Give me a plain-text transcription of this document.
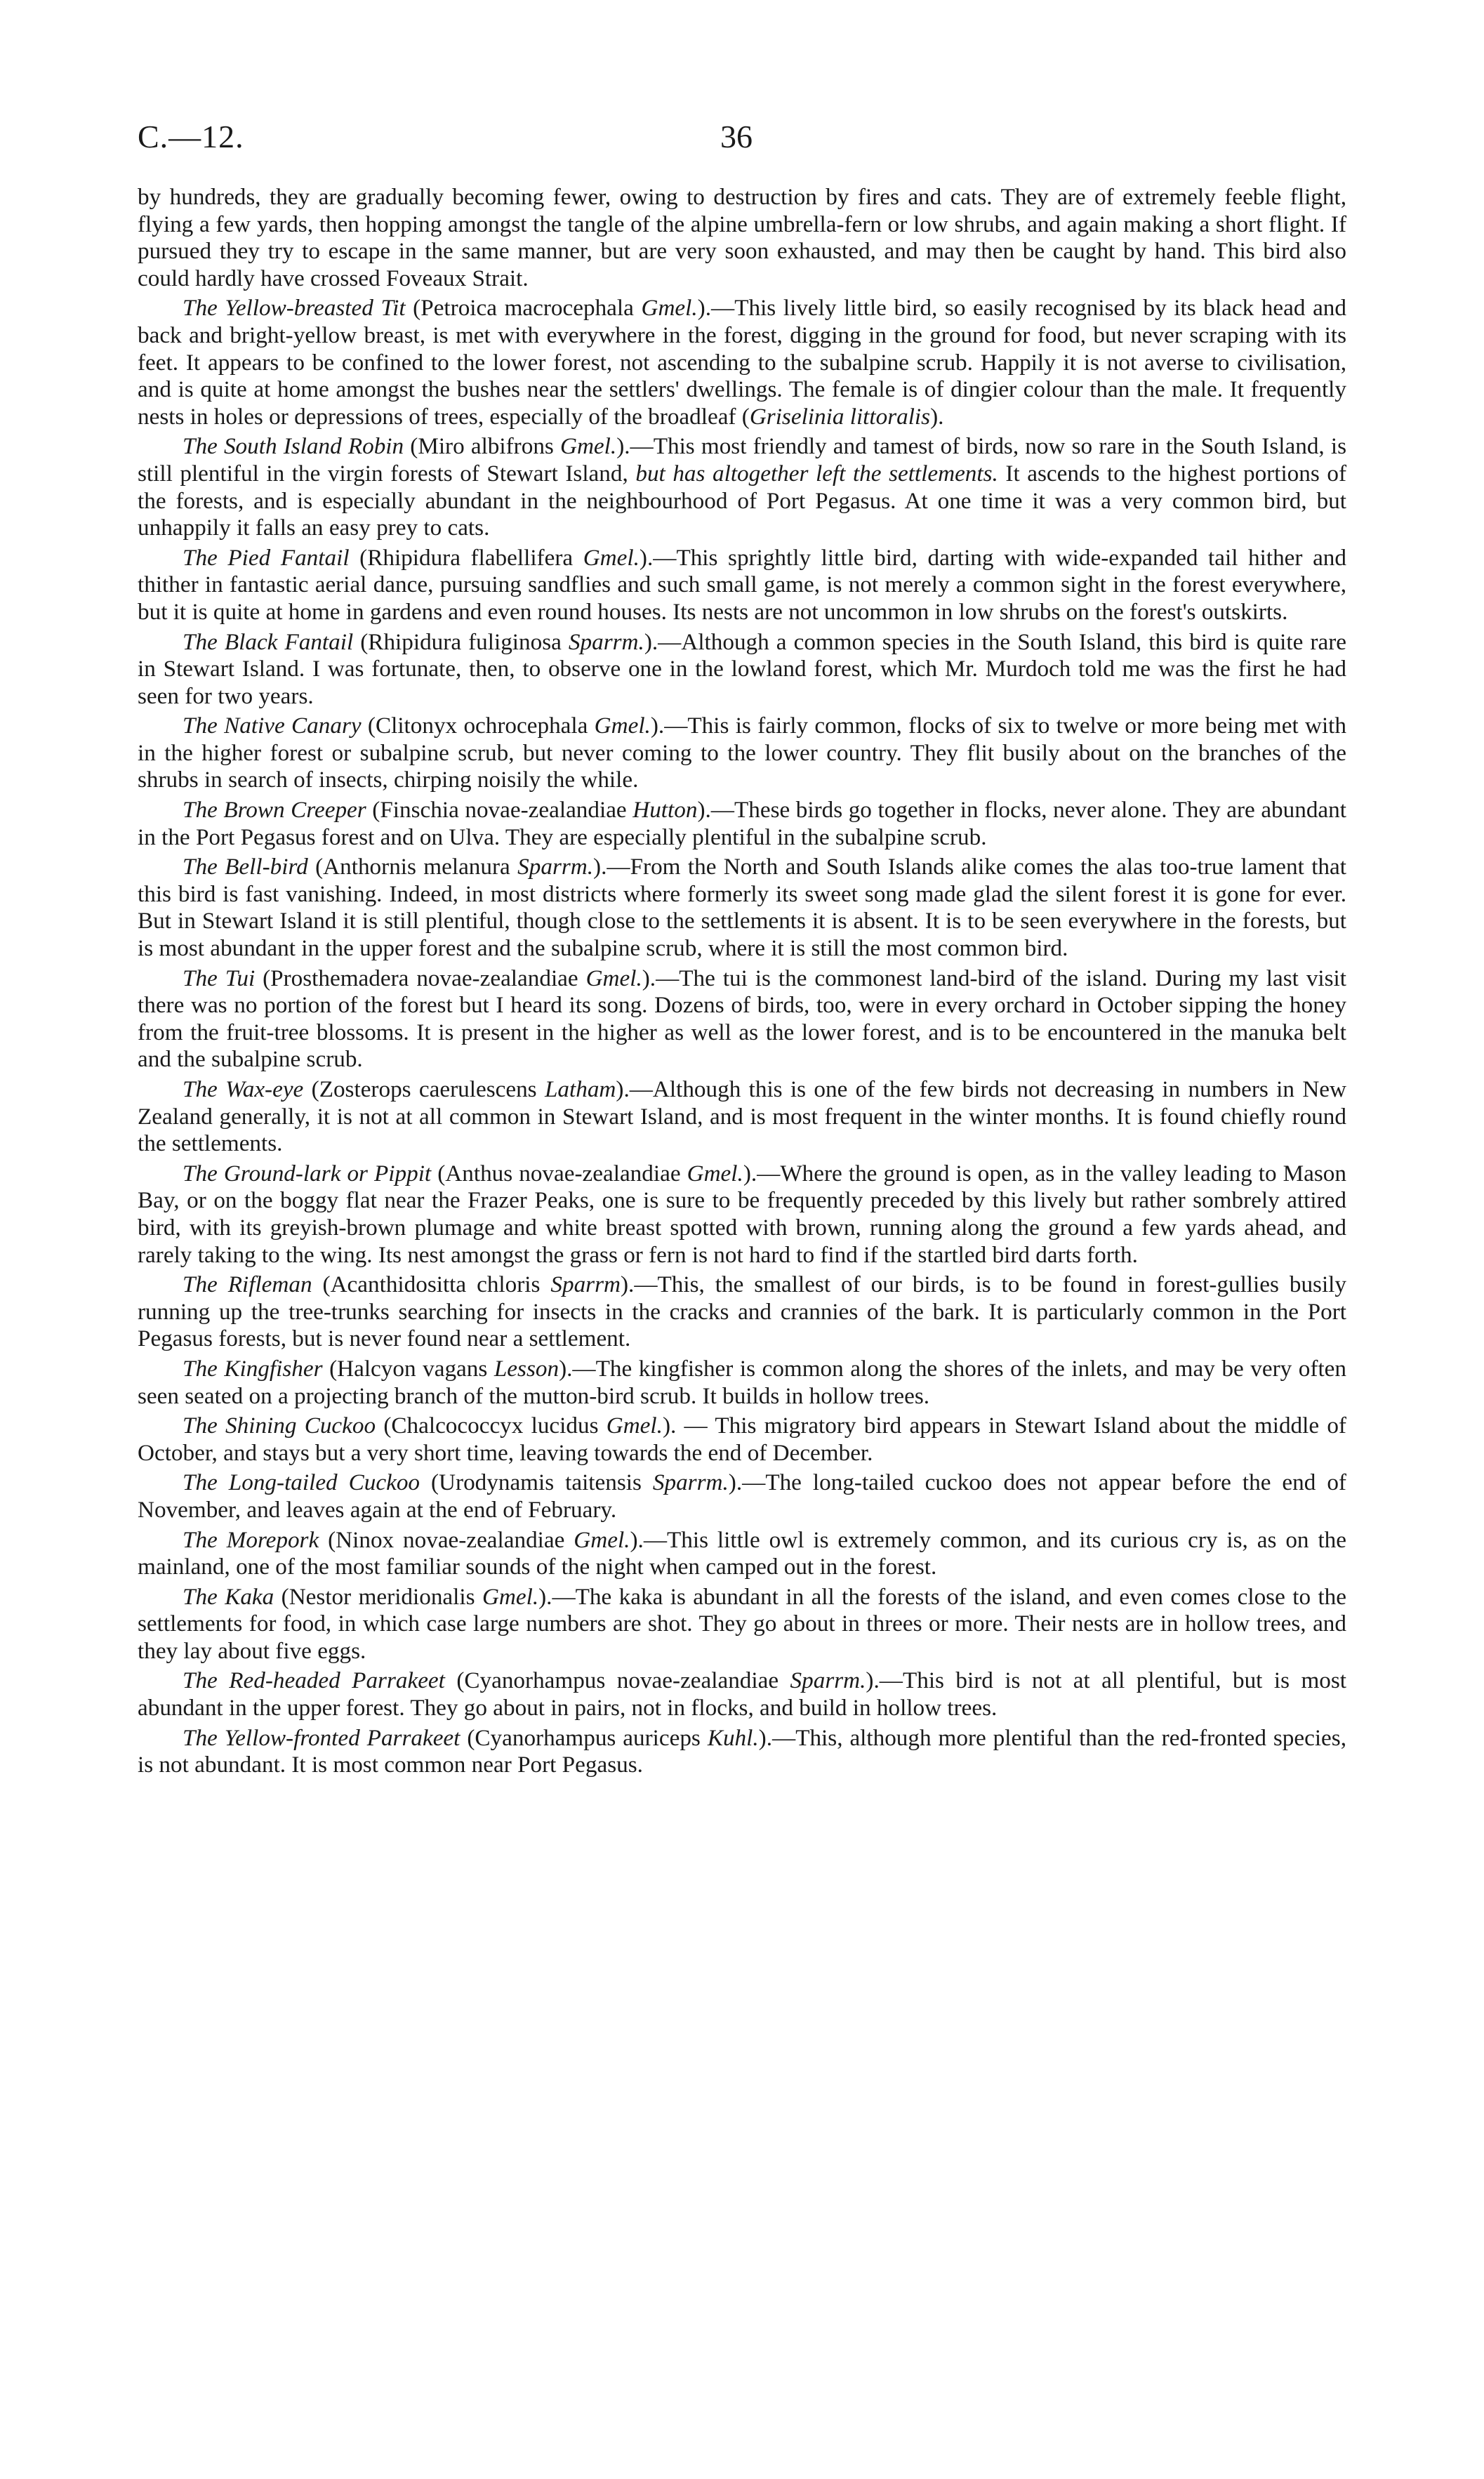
C.—12.	36

by hundreds, they are gradually becoming fewer, owing to destruction by fires and cats. They are of extremely feeble flight, flying a few yards, then hopping amongst the tangle of the alpine umbrella-fern or low shrubs, and again making a short flight. If pursued they try to escape in the same manner, but are very soon exhausted, and may then be caught by hand. This bird also could hardly have crossed Foveaux Strait.

The Yellow-breasted Tit (Petroica macrocephala Gmel.).—This lively little bird, so easily recognised by its black head and back and bright-yellow breast, is met with everywhere in the forest, digging in the ground for food, but never scraping with its feet. It appears to be confined to the lower forest, not ascending to the subalpine scrub. Happily it is not averse to civilisation, and is quite at home amongst the bushes near the settlers' dwellings. The female is of dingier colour than the male. It frequently nests in holes or depressions of trees, especially of the broadleaf (Griselinia littoralis).

The South Island Robin (Miro albifrons Gmel.).—This most friendly and tamest of birds, now so rare in the South Island, is still plentiful in the virgin forests of Stewart Island, but has altogether left the settlements. It ascends to the highest portions of the forests, and is especially abundant in the neighbourhood of Port Pegasus. At one time it was a very common bird, but unhappily it falls an easy prey to cats.

The Pied Fantail (Rhipidura flabellifera Gmel.).—This sprightly little bird, darting with wide-expanded tail hither and thither in fantastic aerial dance, pursuing sandflies and such small game, is not merely a common sight in the forest everywhere, but it is quite at home in gardens and even round houses. Its nests are not uncommon in low shrubs on the forest's outskirts.

The Black Fantail (Rhipidura fuliginosa Sparrm.).—Although a common species in the South Island, this bird is quite rare in Stewart Island. I was fortunate, then, to observe one in the lowland forest, which Mr. Murdoch told me was the first he had seen for two years.

The Native Canary (Clitonyx ochrocephala Gmel.).—This is fairly common, flocks of six to twelve or more being met with in the higher forest or subalpine scrub, but never coming to the lower country. They flit busily about on the branches of the shrubs in search of insects, chirping noisily the while.

The Brown Creeper (Finschia novae-zealandiae Hutton).—These birds go together in flocks, never alone. They are abundant in the Port Pegasus forest and on Ulva. They are especially plentiful in the subalpine scrub.

The Bell-bird (Anthornis melanura Sparrm.).—From the North and South Islands alike comes the alas too-true lament that this bird is fast vanishing. Indeed, in most districts where formerly its sweet song made glad the silent forest it is gone for ever. But in Stewart Island it is still plentiful, though close to the settlements it is absent. It is to be seen everywhere in the forests, but is most abundant in the upper forest and the subalpine scrub, where it is still the most common bird.

The Tui (Prosthemadera novae-zealandiae Gmel.).—The tui is the commonest land-bird of the island. During my last visit there was no portion of the forest but I heard its song. Dozens of birds, too, were in every orchard in October sipping the honey from the fruit-tree blossoms. It is present in the higher as well as the lower forest, and is to be encountered in the manuka belt and the subalpine scrub.

The Wax-eye (Zosterops caerulescens Latham).—Although this is one of the few birds not decreasing in numbers in New Zealand generally, it is not at all common in Stewart Island, and is most frequent in the winter months. It is found chiefly round the settlements.

The Ground-lark or Pippit (Anthus novae-zealandiae Gmel.).—Where the ground is open, as in the valley leading to Mason Bay, or on the boggy flat near the Frazer Peaks, one is sure to be frequently preceded by this lively but rather sombrely attired bird, with its greyish-brown plumage and white breast spotted with brown, running along the ground a few yards ahead, and rarely taking to the wing. Its nest amongst the grass or fern is not hard to find if the startled bird darts forth.

The Rifleman (Acanthidositta chloris Sparrm).—This, the smallest of our birds, is to be found in forest-gullies busily running up the tree-trunks searching for insects in the cracks and crannies of the bark. It is particularly common in the Port Pegasus forests, but is never found near a settlement.

The Kingfisher (Halcyon vagans Lesson).—The kingfisher is common along the shores of the inlets, and may be very often seen seated on a projecting branch of the mutton-bird scrub. It builds in hollow trees.

The Shining Cuckoo (Chalcococcyx lucidus Gmel.). — This migratory bird appears in Stewart Island about the middle of October, and stays but a very short time, leaving towards the end of December.

The Long-tailed Cuckoo (Urodynamis taitensis Sparrm.).—The long-tailed cuckoo does not appear before the end of November, and leaves again at the end of February.

The Morepork (Ninox novae-zealandiae Gmel.).—This little owl is extremely common, and its curious cry is, as on the mainland, one of the most familiar sounds of the night when camped out in the forest.

The Kaka (Nestor meridionalis Gmel.).—The kaka is abundant in all the forests of the island, and even comes close to the settlements for food, in which case large numbers are shot. They go about in threes or more. Their nests are in hollow trees, and they lay about five eggs.

The Red-headed Parrakeet (Cyanorhampus novae-zealandiae Sparrm.).—This bird is not at all plentiful, but is most abundant in the upper forest. They go about in pairs, not in flocks, and build in hollow trees.

The Yellow-fronted Parrakeet (Cyanorhampus auriceps Kuhl.).—This, although more plentiful than the red-fronted species, is not abundant. It is most common near Port Pegasus.
